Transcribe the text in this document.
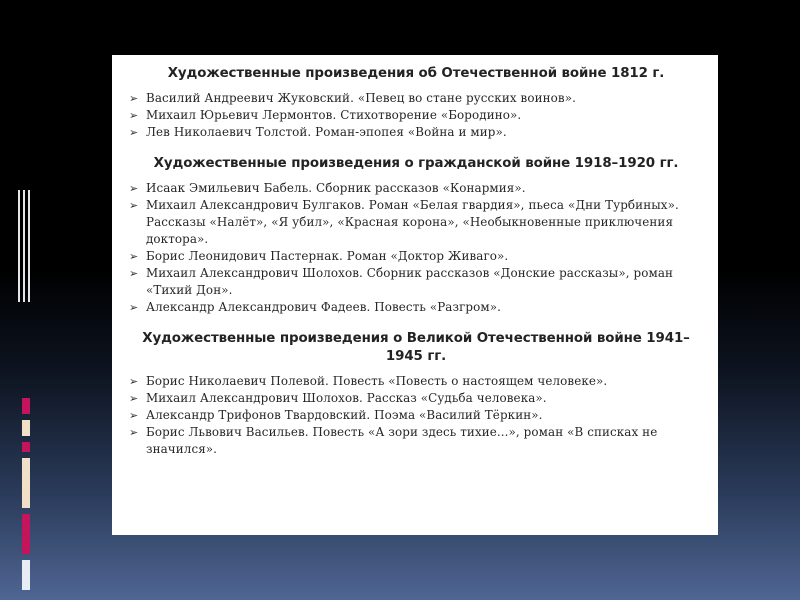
Художественные произведения об Отечественной войне 1812 г.
➢ Василий Андреевич Жуковский. «Певец во стане русских воинов».
➢ Михаил Юрьевич Лермонтов. Стихотворение «Бородино».
➢ Лев Николаевич Толстой. Роман-эпопея «Война и мир».
Художественные произведения о гражданской войне 1918–1920 гг.
➢ Исаак Эмильевич Бабель. Сборник рассказов «Конармия».
➢ Михаил Александрович Булгаков. Роман «Белая гвардия», пьеса «Дни Турбиных». Рассказы «Налёт», «Я убил», «Красная корона», «Необыкновенные приключения доктора».
➢ Борис Леонидович Пастернак. Роман «Доктор Живаго».
➢ Михаил Александрович Шолохов. Сборник рассказов «Донские рассказы», роман «Тихий Дон».
➢ Александр Александрович Фадеев. Повесть «Разгром».
Художественные произведения о Великой Отечественной войне 1941–1945 гг.
➢ Борис Николаевич Полевой. Повесть «Повесть о настоящем человеке».
➢ Михаил Александрович Шолохов. Рассказ «Судьба человека».
➢ Александр Трифонов Твардовский. Поэма «Василий Тёркин».
➢ Борис Львович Васильев. Повесть «А зори здесь тихие...», роман «В списках не значился».
